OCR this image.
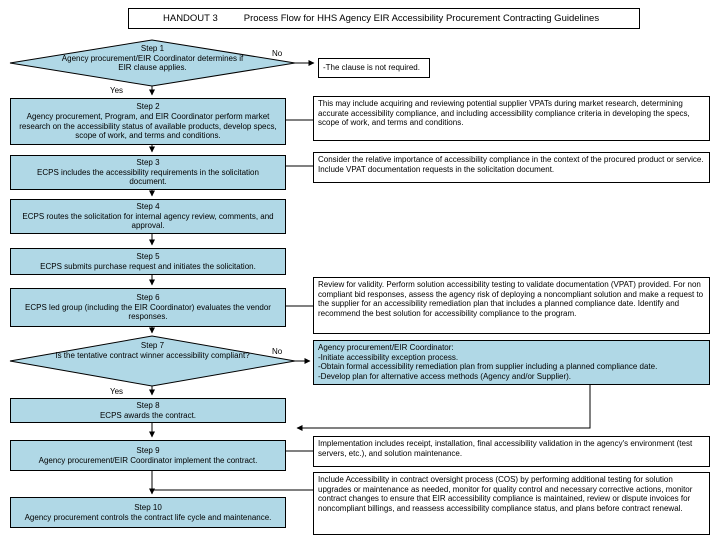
HANDOUT 3	Process Flow for HHS Agency EIR Accessibility Procurement Contracting Guidelines
Step 1
Agency procurement/EIR Coordinator determines if EIR clause applies.
No
Yes
-The clause is not required.
Step 2
Agency procurement, Program, and EIR Coordinator perform market research on the accessibility status of available products, develop specs, scope of work, and terms and conditions.
This may include acquiring and reviewing potential supplier VPATs during market research, determining accurate accessibility compliance, and including accessibility compliance criteria in developing the specs, scope of work, and terms and conditions.
Step 3
ECPS includes the accessibility requirements in the solicitation document.
Consider the relative importance of accessibility compliance in the context of the procured product or service. Include VPAT documentation requests in the solicitation document.
Step 4
ECPS routes the solicitation for internal agency review, comments, and approval.
Step 5
ECPS submits purchase request and initiates the solicitation.
Step 6
ECPS led group (including the EIR Coordinator) evaluates the vendor responses.
Review for validity. Perform solution accessibility testing to validate documentation (VPAT) provided. For non compliant bid responses, assess the agency risk of deploying a noncompliant solution and make a request to the supplier for an accessibility remediation plan that includes a planned compliance date. Identify and recommend the best solution for accessibility compliance to the program.
Step 7
Is the tentative contract winner accessibility compliant?	No
Yes
Agency procurement/EIR Coordinator:
-Initiate accessibility exception process.
-Obtain formal accessibility remediation plan from supplier including a planned compliance date.
-Develop plan for alternative access methods (Agency and/or Supplier).
Step 8
ECPS awards the contract.
Step 9
Agency procurement/EIR Coordinator implement the contract.
Implementation includes receipt, installation, final accessibility validation in the agency's environment (test servers, etc.), and solution maintenance.
Step 10
Agency procurement controls the contract life cycle and maintenance.
Include Accessibility in contract oversight process (COS) by performing additional testing for solution upgrades or maintenance as needed, monitor for quality control and necessary corrective actions, monitor contract changes to ensure that EIR accessibility compliance is maintained, review or dispute invoices for noncompliant billings, and reassess accessibility compliance status, and plans before contract renewal.
